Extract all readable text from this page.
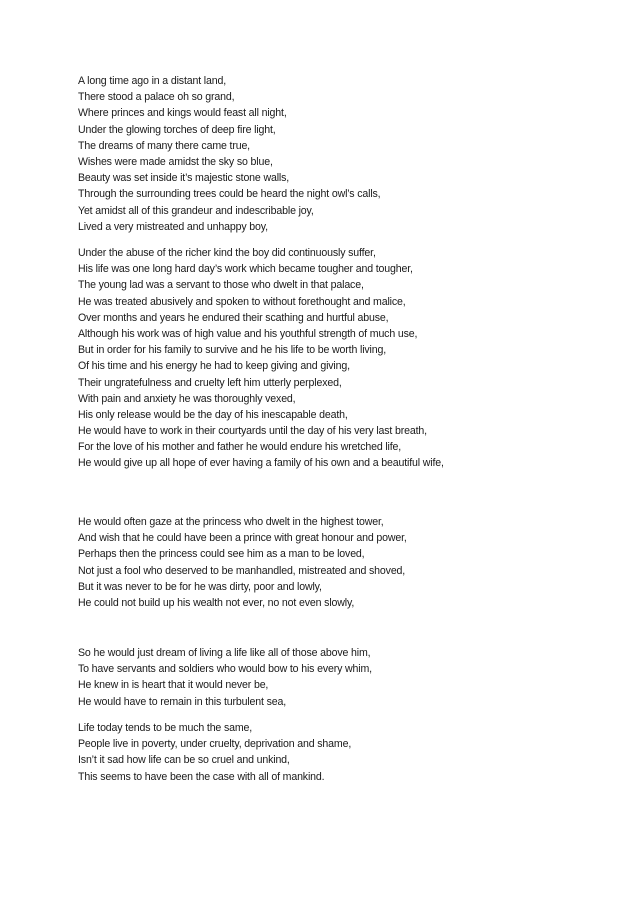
A long time ago in a distant land,
There stood a palace oh so grand,
Where princes and kings would feast all night,
Under the glowing torches of deep fire light,
The dreams of many there came true,
Wishes were made amidst the sky so blue,
Beauty was set inside it’s majestic stone walls,
Through the surrounding trees could be heard the night owl’s calls,
Yet amidst all of this grandeur and indescribable joy,
Lived a very mistreated and unhappy boy,
Under the abuse of the richer kind the boy did continuously suffer,
His life was one long hard day’s work which became tougher and tougher,
The young lad was a servant to those who dwelt in that palace,
He was treated abusively and spoken to without forethought and malice,
Over months and years he endured their scathing and hurtful abuse,
Although his work was of high value and his youthful strength of much use,
But in order for his family to survive and he his life to be worth living,
Of his time and his energy he had to keep giving and giving,
Their ungratefulness and cruelty left him utterly perplexed,
With pain and anxiety he was thoroughly vexed,
His only release would be the day of his inescapable death,
He would have to work in their courtyards until the day of his very last breath,
For the love of his mother and father he would endure his wretched life,
He would give up all hope of ever having a family of his own and a beautiful wife,
He would often gaze at the princess who dwelt in the highest tower,
And wish that he could have been a prince with great honour and power,
Perhaps then the princess could see him as a man to be loved,
Not just a fool who deserved to be manhandled, mistreated and shoved,
But it was never to be for he was dirty, poor and lowly,
He could not build up his wealth not ever, no not even slowly,
So he would just dream of living a life like all of those above him,
To have servants and soldiers who would bow to his every whim,
He knew in is heart that it would never be,
He would have to remain in this turbulent sea,
Life today tends to be much the same,
People live in poverty, under cruelty, deprivation and shame,
Isn’t it sad how life can be so cruel and unkind,
This seems to have been the case with all of mankind.
